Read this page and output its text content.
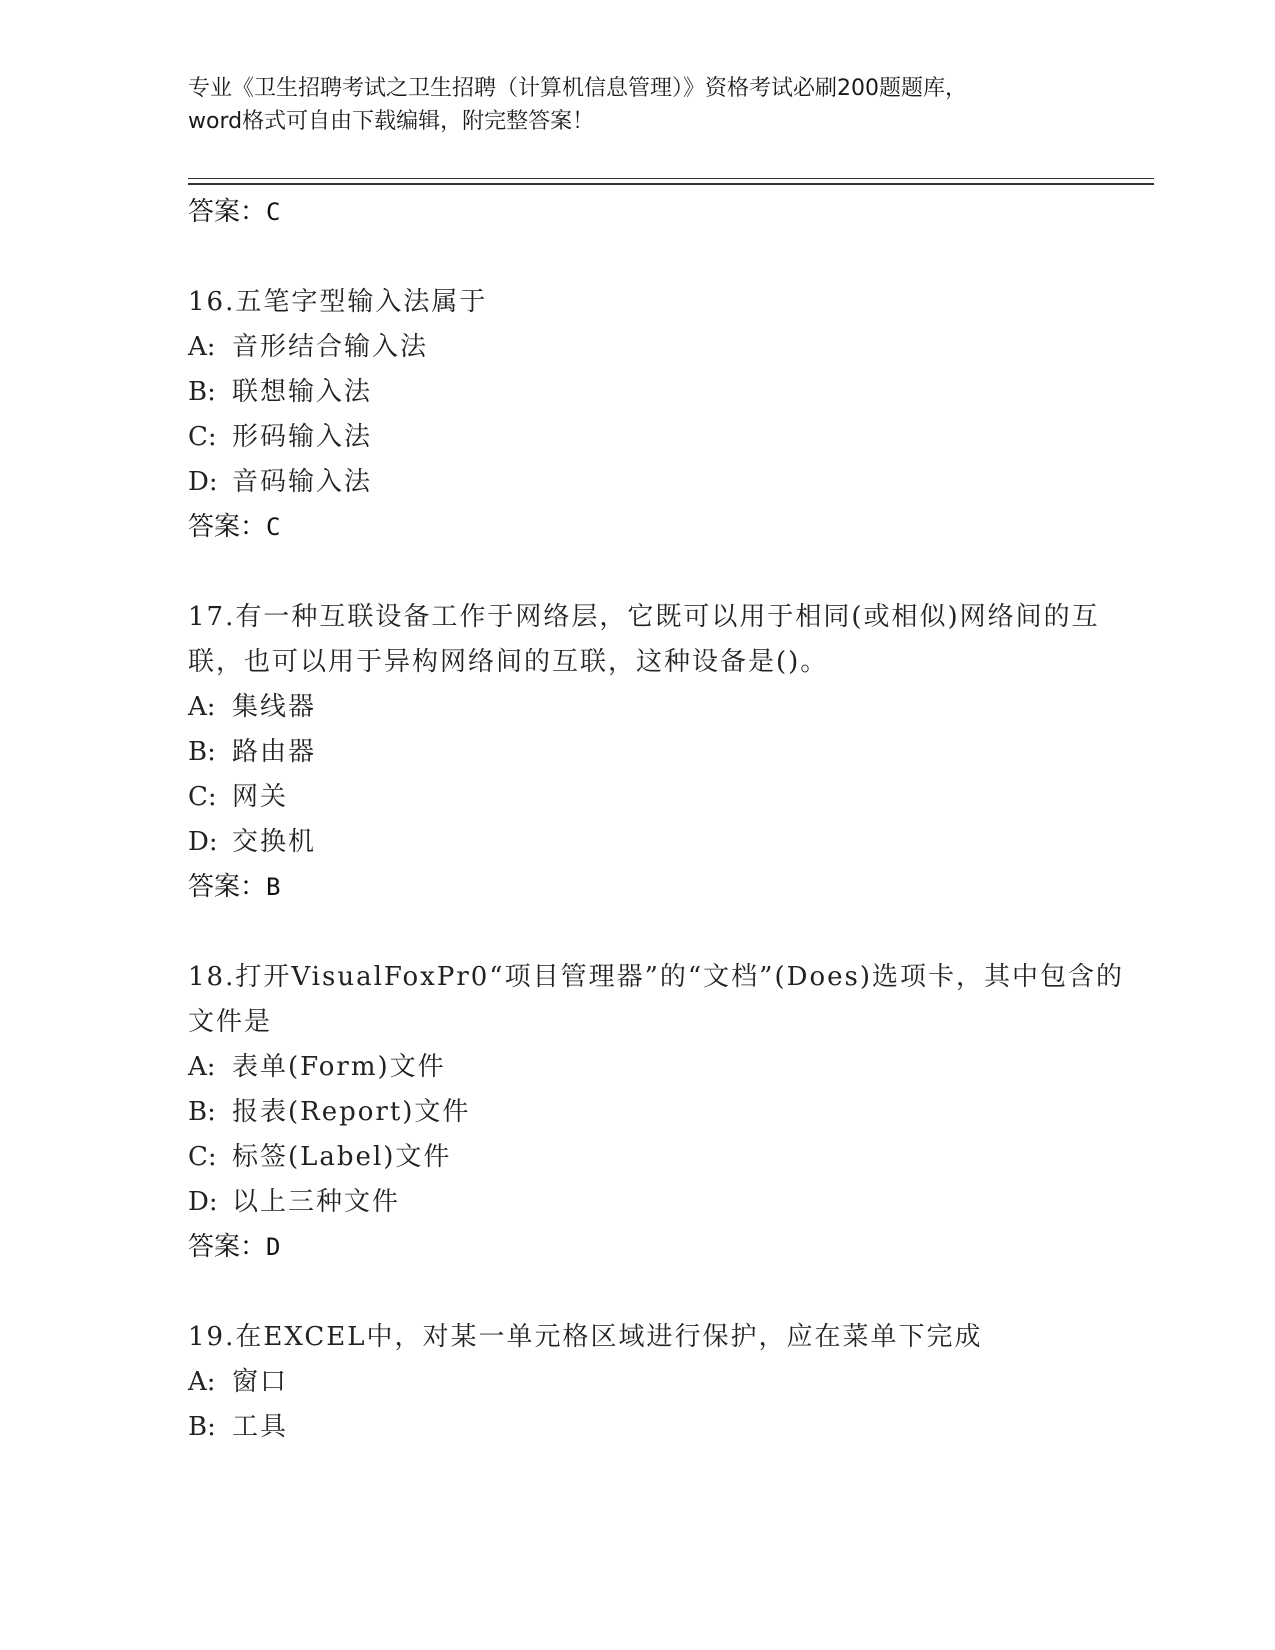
专业《卫生招聘考试之卫生招聘（计算机信息管理）》资格考试必刷200题题库，
word格式可自由下载编辑，附完整答案！
答案：C
16.五笔字型输入法属于
A: 音形结合输入法
B: 联想输入法
C: 形码输入法
D: 音码输入法
答案：C
17.有一种互联设备工作于网络层，它既可以用于相同(或相似)网络间的互联，也可以用于异构网络间的互联，这种设备是()。
A: 集线器
B: 路由器
C: 网关
D: 交换机
答案：B
18.打开VisualFoxPr0“项目管理器”的“文档”(Does)选项卡，其中包含的文件是
A: 表单(Form)文件
B: 报表(Report)文件
C: 标签(Label)文件
D: 以上三种文件
答案：D
19.在EXCEL中，对某一单元格区域进行保护，应在菜单下完成
A: 窗口
B: 工具
